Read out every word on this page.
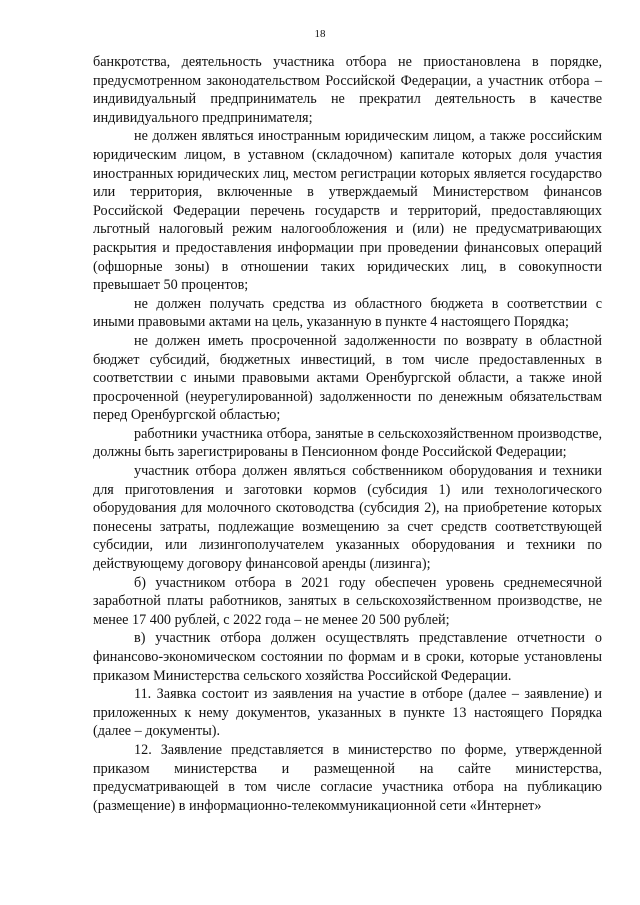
18

банкротства, деятельность участника отбора не приостановлена в порядке, предусмотренном законодательством Российской Федерации, а участник отбора – индивидуальный предприниматель не прекратил деятельность в качестве индивидуального предпринимателя;

не должен являться иностранным юридическим лицом, а также российским юридическим лицом, в уставном (складочном) капитале которых доля участия иностранных юридических лиц, местом регистрации которых является государство или территория, включенные в утверждаемый Министерством финансов Российской Федерации перечень государств и территорий, предоставляющих льготный налоговый режим налогообложения и (или) не предусматривающих раскрытия и предоставления информации при проведении финансовых операций (офшорные зоны) в отношении таких юридических лиц, в совокупности превышает 50 процентов;

не должен получать средства из областного бюджета в соответствии с иными правовыми актами на цель, указанную в пункте 4 настоящего Порядка;

не должен иметь просроченной задолженности по возврату в областной бюджет субсидий, бюджетных инвестиций, в том числе предоставленных в соответствии с иными правовыми актами Оренбургской области, а также иной просроченной (неурегулированной) задолженности по денежным обязательствам перед Оренбургской областью;

работники участника отбора, занятые в сельскохозяйственном производстве, должны быть зарегистрированы в Пенсионном фонде Российской Федерации;

участник отбора должен являться собственником оборудования и техники для приготовления и заготовки кормов (субсидия 1) или технологического оборудования для молочного скотоводства (субсидия 2), на приобретение которых понесены затраты, подлежащие возмещению за счет средств соответствующей субсидии, или лизингополучателем указанных оборудования и техники по действующему договору финансовой аренды (лизинга);

б) участником отбора в 2021 году обеспечен уровень среднемесячной заработной платы работников, занятых в сельскохозяйственном производстве, не менее 17 400 рублей, с 2022 года – не менее 20 500 рублей;

в) участник отбора должен осуществлять представление отчетности о финансово-экономическом состоянии по формам и в сроки, которые установлены приказом Министерства сельского хозяйства Российской Федерации.

11. Заявка состоит из заявления на участие в отборе (далее – заявление) и приложенных к нему документов, указанных в пункте 13 настоящего Порядка (далее – документы).

12. Заявление представляется в министерство по форме, утвержденной приказом министерства и размещенной на сайте министерства, предусматривающей в том числе согласие участника отбора на публикацию (размещение) в информационно-телекоммуникационной сети «Интернет»
